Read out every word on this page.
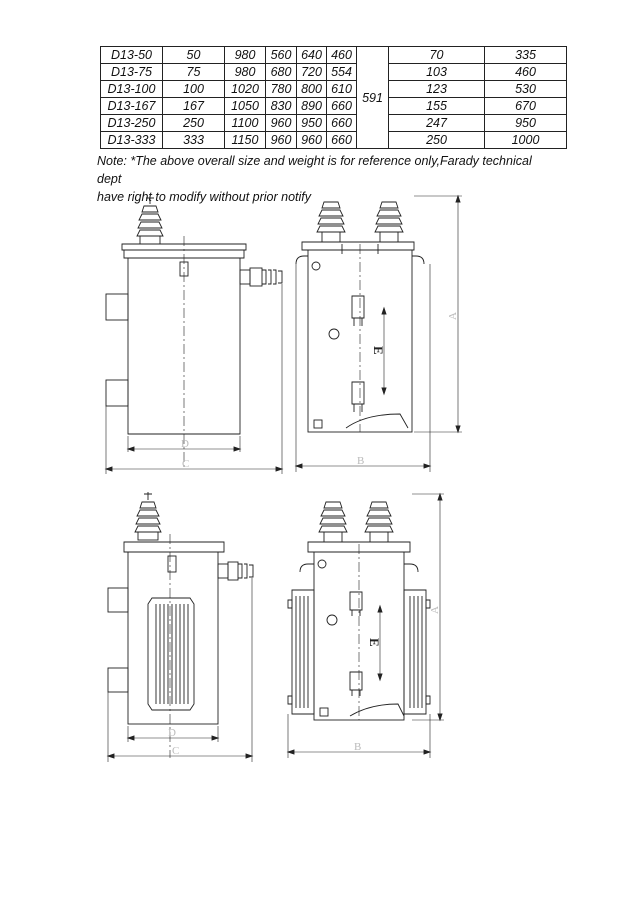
D13-50	50	980	560	640	460	591	70	335
D13-75	75	980	680	720	554		103	460
D13-100	100	1020	780	800	610		123	530
D13-167	167	1050	830	890	660		155	670
D13-250	250	1100	960	950	660		247	950
D13-333	333	1150	960	960	660		250	1000
Note: *The above overall size and weight is for reference only,Farady technical dept
have right to modify without prior notify
D
C
E
A
B
D
C
E
A
B
